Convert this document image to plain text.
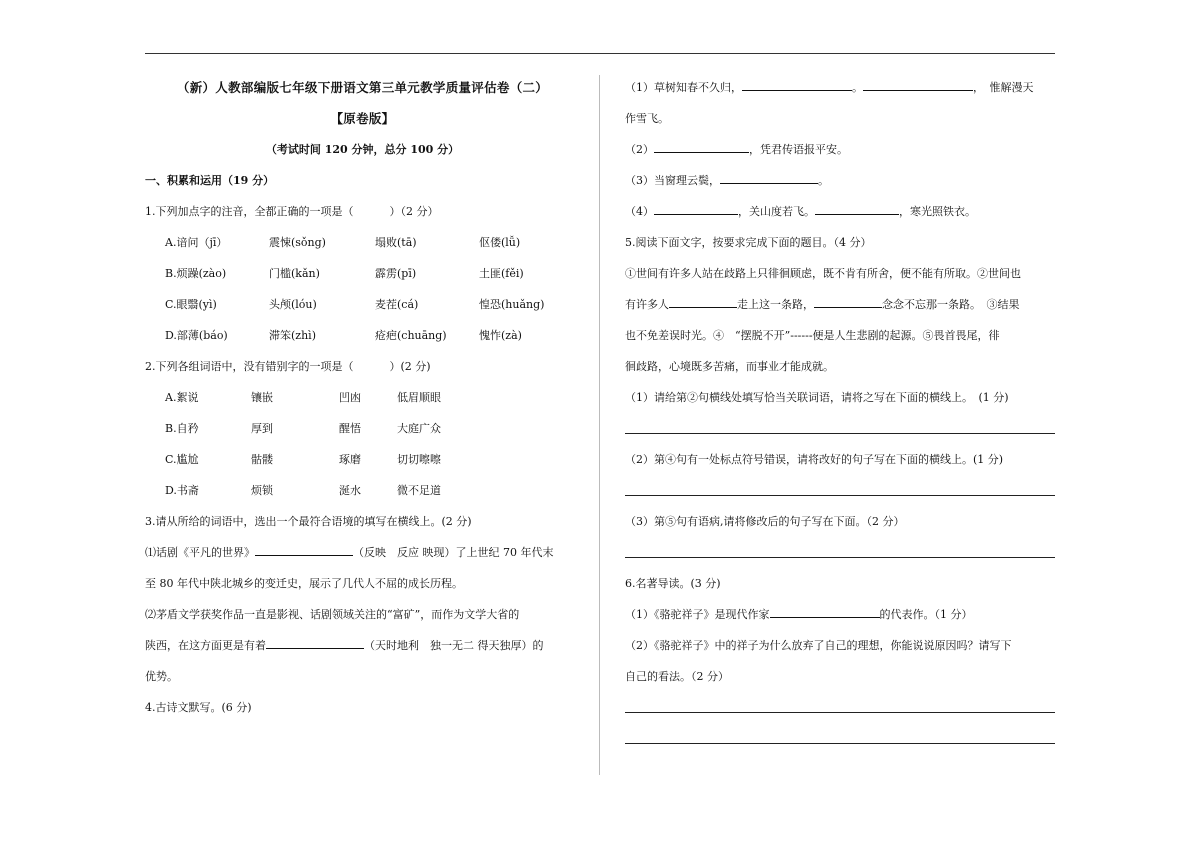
（新）人教部编版七年级下册语文第三单元教学质量评估卷（二）
【原卷版】
（考试时间 120 分钟，总分 100 分）
一、积累和运用（19 分）
1.下列加点字的注音，全都正确的一项是（	）（2 分）
A.谙问（jī）	震悚(sǒng)	塌败(tā)	伛偻(lǚ)
B.烦躁(zào)	门槛(kǎn)	霹雳(pī)	土匪(fěi)
C.眼翳(yì)	头颅(lóu)	麦茬(cá)	惶恐(huǎng)
D.部薄(báo)	滞笨(zhì)	疮疤(chuāng)	愧怍(zà)
2.下列各组词语中，没有错别字的一项是（	）(2 分)
A.絮说	镶嵌	凹凼	低眉顺眼
B.自矜	厚到	醒悟	大庭广众
C.尴尬	骷髅	琢磨	切切嚓嚓
D.书斋	烦锁	涎水	微不足道
3.请从所给的词语中，选出一个最符合语境的填写在横线上。(2 分)
⑴话剧《平凡的世界》	（反映　反应 映现）了上世纪 70 年代末
至 80 年代中陕北城乡的变迁史，展示了几代人不屈的成长历程。
⑵茅盾文学获奖作品一直是影视、话剧领域关注的“富矿”，而作为文学大省的
陕西，在这方面更是有着	（天时地利　独一无二 得天独厚）的
优势。
4.古诗文默写。(6 分)
（1）草树知春不久归，	。	，　惟解漫天
作雪飞。
（2）	，凭君传语报平安。
（3）当窗理云鬓，	。
（4）	，关山度若飞。	，寒光照铁衣。
5.阅读下面文字，按要求完成下面的题目。（4 分）
①世间有许多人站在歧路上只徘徊顾虑，既不肯有所舍，便不能有所取。②世间也
有许多人	走上这一条路，	念念不忘那一条路。　③结果
也不免差误时光。④　“摆脱不开”------便是人生悲剧的起源。⑤畏首畏尾，徘
徊歧路，心境既多苦痛，而事业才能成就。
（1）请给第②句横线处填写恰当关联词语，请将之写在下面的横线上。　(1 分)
（2）第④句有一处标点符号错误，请将改好的句子写在下面的横线上。(1 分)
（3）第⑤句有语病,请将修改后的句子写在下面。（2 分）
6.名著导读。(3 分)
（1）《骆驼祥子》是现代作家	的代表作。（1 分）
（2）《骆驼祥子》中的祥子为什么放弃了自己的理想，你能说说原因吗？请写下
自己的看法。（2 分）
